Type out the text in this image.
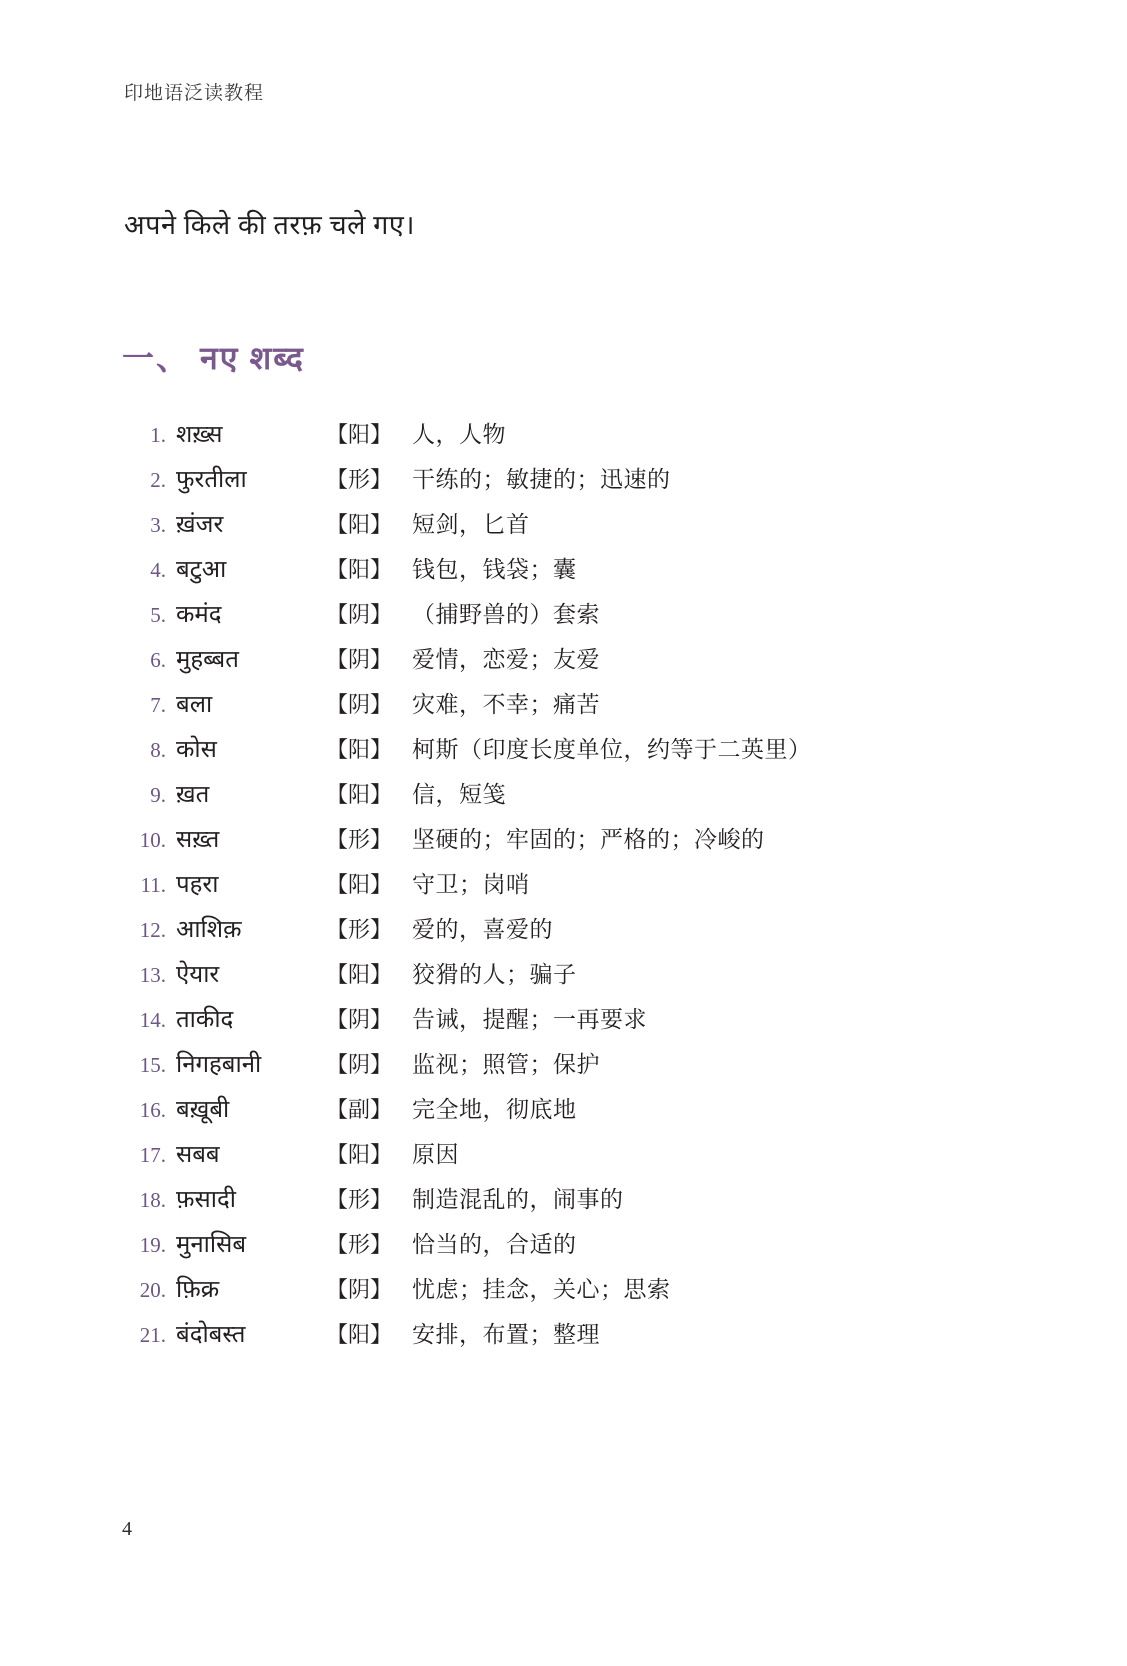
印地语泛读教程
अपने किले की तरफ़ चले गए।
一、 नए शब्द
1. शख़्स	【阳】 人，人物
2. फुरतीला	【形】 干练的；敏捷的；迅速的
3. ख़ंजर	【阳】 短剑，匕首
4. बटुआ	【阳】 钱包，钱袋；囊
5. कमंद	【阴】 （捕野兽的）套索
6. मुहब्बत	【阴】 爱情，恋爱；友爱
7. बला	【阴】 灾难，不幸；痛苦
8. कोस	【阳】 柯斯（印度长度单位，约等于二英里）
9. ख़त	【阳】 信，短笺
10. सख़्त	【形】 坚硬的；牢固的；严格的；冷峻的
11. पहरा	【阳】 守卫；岗哨
12. आशिक़	【形】 爱的，喜爱的
13. ऐयार	【阳】 狡猾的人；骗子
14. ताकीद	【阴】 告诫，提醒；一再要求
15. निगहबानी	【阴】 监视；照管；保护
16. बख़ूबी	【副】 完全地，彻底地
17. सबब	【阳】 原因
18. फ़सादी	【形】 制造混乱的，闹事的
19. मुनासिब	【形】 恰当的，合适的
20. फ़िक्र	【阴】 忧虑；挂念，关心；思索
21. बंदोबस्त	【阳】 安排，布置；整理
4
